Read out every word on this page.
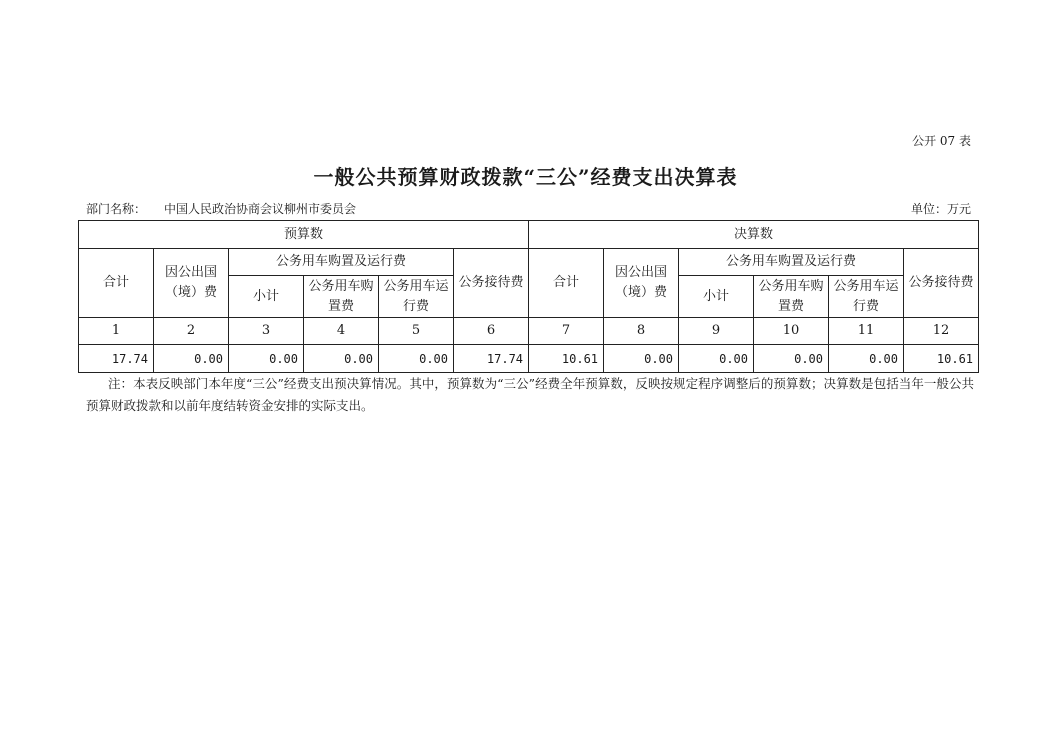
公开 07 表
一般公共预算财政拨款“三公”经费支出决算表
部门名称： 中国人民政治协商会议柳州市委员会	单位：万元
预算数						决算数					
合计	因公出国（境）费	公务用车购置及运行费			公务接待费	合计	因公出国（境）费	公务用车购置及运行费			公务接待费
		小计	公务用车购置费	公务用车运行费				小计	公务用车购置费	公务用车运行费	
1	2	3	4	5	6	7	8	9	10	11	12
17.74	0.00	0.00	0.00	0.00	17.74	10.61	0.00	0.00	0.00	0.00	10.61
注：本表反映部门本年度“三公”经费支出预决算情况。其中，预算数为“三公”经费全年预算数，反映按规定程序调整后的预算数；决算数是包括当年一般公共预算财政拨款和以前年度结转资金安排的实际支出。
